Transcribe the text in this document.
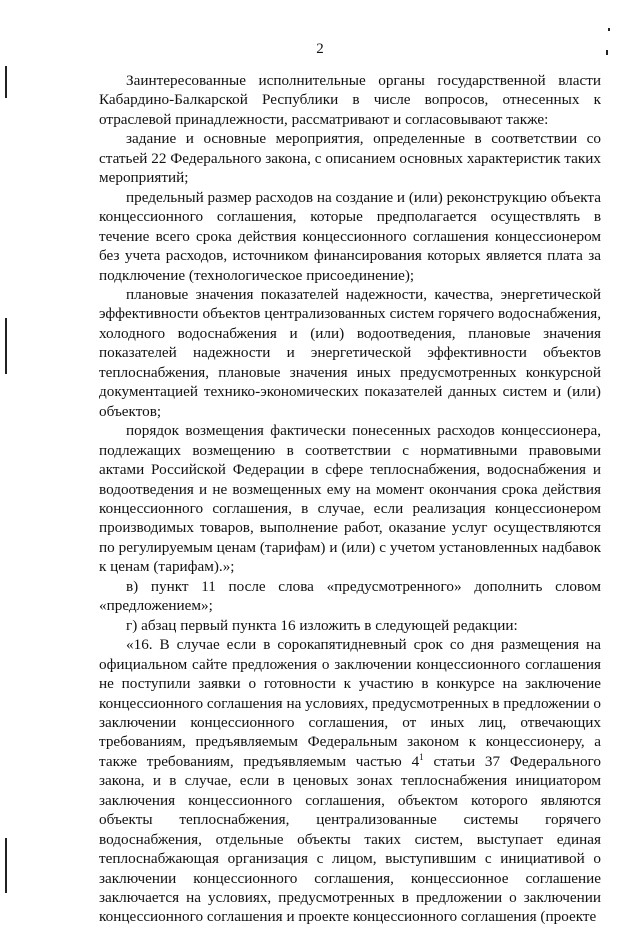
2

Заинтересованные исполнительные органы государственной власти Кабардино-Балкарской Республики в числе вопросов, отнесенных к отраслевой принадлежности, рассматривают и согласовывают также:

задание и основные мероприятия, определенные в соответствии со статьей 22 Федерального закона, с описанием основных характеристик таких мероприятий;

предельный размер расходов на создание и (или) реконструкцию объекта концессионного соглашения, которые предполагается осуществлять в течение всего срока действия концессионного соглашения концессионером без учета расходов, источником финансирования которых является плата за подключение (технологическое присоединение);

плановые значения показателей надежности, качества, энергетической эффективности объектов централизованных систем горячего водоснабжения, холодного водоснабжения и (или) водоотведения, плановые значения показателей надежности и энергетической эффективности объектов теплоснабжения, плановые значения иных предусмотренных конкурсной документацией технико-экономических показателей данных систем и (или) объектов;

порядок возмещения фактически понесенных расходов концессионера, подлежащих возмещению в соответствии с нормативными правовыми актами Российской Федерации в сфере теплоснабжения, водоснабжения и водоотведения и не возмещенных ему на момент окончания срока действия концессионного соглашения, в случае, если реализация концессионером производимых товаров, выполнение работ, оказание услуг осуществляются по регулируемым ценам (тарифам) и (или) с учетом установленных надбавок к ценам (тарифам).»;

в) пункт 11 после слова «предусмотренного» дополнить словом «предложением»;

г) абзац первый пункта 16 изложить в следующей редакции:

«16. В случае если в сорокапятидневный срок со дня размещения на официальном сайте предложения о заключении концессионного соглашения не поступили заявки о готовности к участию в конкурсе на заключение концессионного соглашения на условиях, предусмотренных в предложении о заключении концессионного соглашения, от иных лиц, отвечающих требованиям, предъявляемым Федеральным законом к концессионеру, а также требованиям, предъявляемым частью $4^1$ статьи 37 Федерального закона, и в случае, если в ценовых зонах теплоснабжения инициатором заключения концессионного соглашения, объектом которого являются объекты теплоснабжения, централизованные системы горячего водоснабжения, отдельные объекты таких систем, выступает единая теплоснабжающая организация с лицом, выступившим с инициативой о заключении концессионного соглашения, концессионное соглашение заключается на условиях, предусмотренных в предложении о заключении концессионного соглашения и проекте концессионного соглашения (проекте
